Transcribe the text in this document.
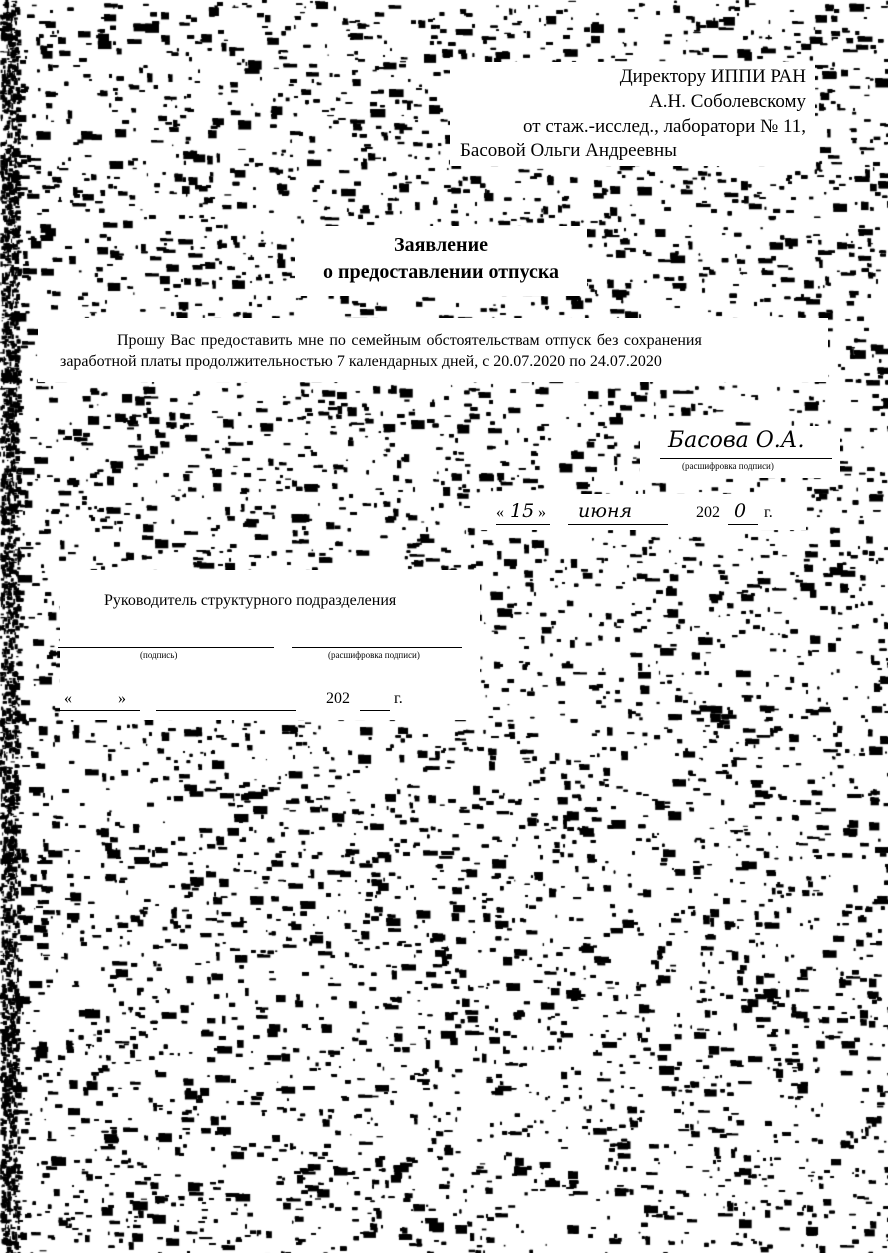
Директору ИППИ РАН
А.Н. Соболевскому
от стаж.-исслед., лаборатори № 11,
Басовой Ольги Андреевны
Заявление
о предоставлении отпуска
Прошу Вас предоставить мне по семейным обстоятельствам отпуск без сохранения
заработной платы продолжительностью 7 календарных дней, с 20.07.2020 по 24.07.2020
Басова О.А.
(расшифровка подписи)
« 15 » июня	202 0 г.
Руководитель структурного подразделения
(подпись)	(расшифровка подписи)
«	»	202	г.
